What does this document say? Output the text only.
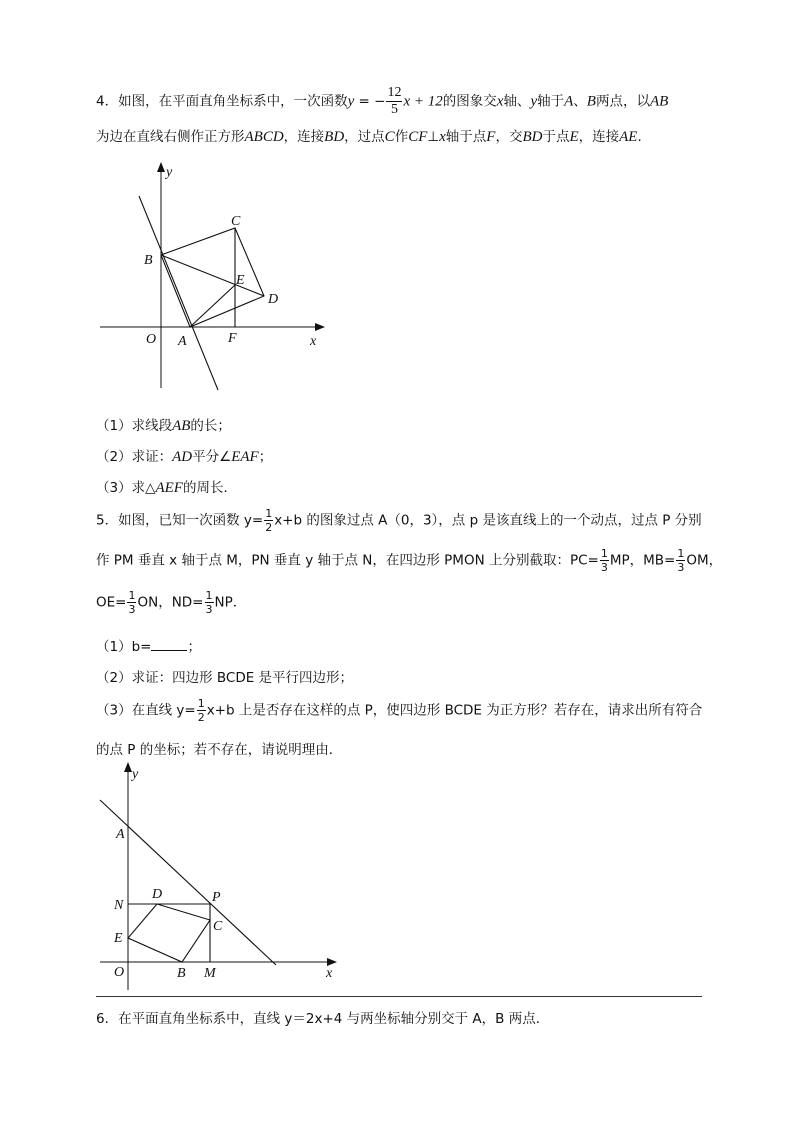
4．如图，在平面直角坐标系中，一次函数y = − $\frac{12}{5}$ x + 12的图象交x轴、y轴于A、B两点，以AB
为边在直线右侧作正方形ABCD，连接BD，过点C作CF⊥x轴于点F，交BD于点E，连接AE.
y
x
O A
B
C
D
E
F
（1）求线段AB的长；
（2）求证：AD平分∠EAF；
（3）求△AEF的周长．
5．如图，已知一次函数 $y= \frac{1}{2} x+b$ 的图象过点 A（0，3），点 p 是该直线上的一个动点，过点 P 分别
作 PM 垂直 x 轴于点 M，PN 垂直 y 轴于点 N，在四边形 PMON 上分别截取：$PC= \frac{1}{3}$ MP，$MB= \frac{1}{3}$ OM，
$OE= \frac{1}{3}$ ON，$ND= \frac{1}{3}$ NP．
（1）b=	；
（2）求证：四边形 BCDE 是平行四边形；
（3）在直线 $y= \frac{1}{2} x+b$ 上是否存在这样的点 P，使四边形 BCDE 为正方形？若存在，请求出所有符合
的点 P 的坐标；若不存在，请说明理由．
y
x
O
A
N
D	P
C
E
B M
6．在平面直角坐标系中，直线 y＝2x+4 与两坐标轴分别交于 A，B 两点．
